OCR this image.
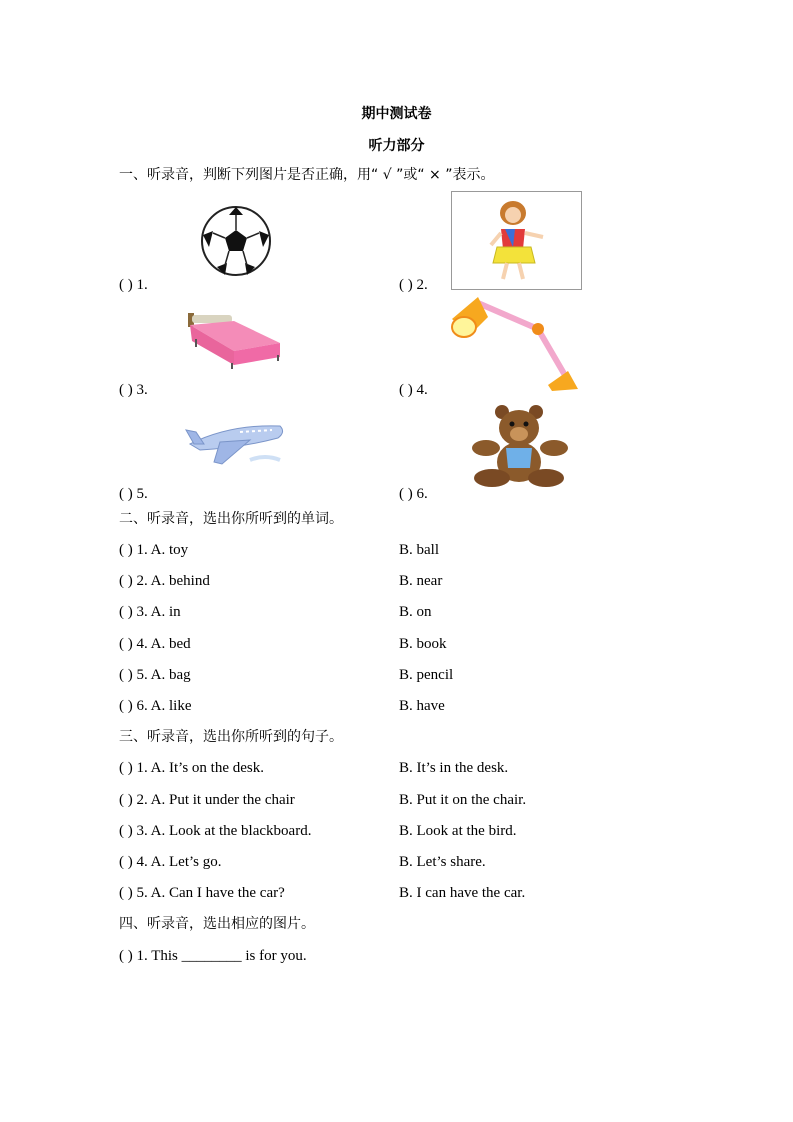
期中测试卷
听力部分
一、听录音，判断下列图片是否正确，用“ √ ”或“ × ”表示。
( ) 1.	( ) 2.
( ) 3.	( ) 4.
( ) 5.	( ) 6.
二、听录音，选出你所听到的单词。
( ) 1. A. toy	B. ball
( ) 2. A. behind	B. near
( ) 3. A. in	B. on
( ) 4. A. bed	B. book
( ) 5. A. bag	B. pencil
( ) 6. A. like	B. have
三、听录音，选出你所听到的句子。
( ) 1. A. It’s on the desk.	B. It’s in the desk.
( ) 2. A. Put it under the chair	B. Put it on the chair.
( ) 3. A. Look at the blackboard.	B. Look at the bird.
( ) 4. A. Let’s go.	B. Let’s share.
( ) 5. A. Can I have the car?	B. I can have the car.
四、听录音，选出相应的图片。
( ) 1. This ________ is for you.
